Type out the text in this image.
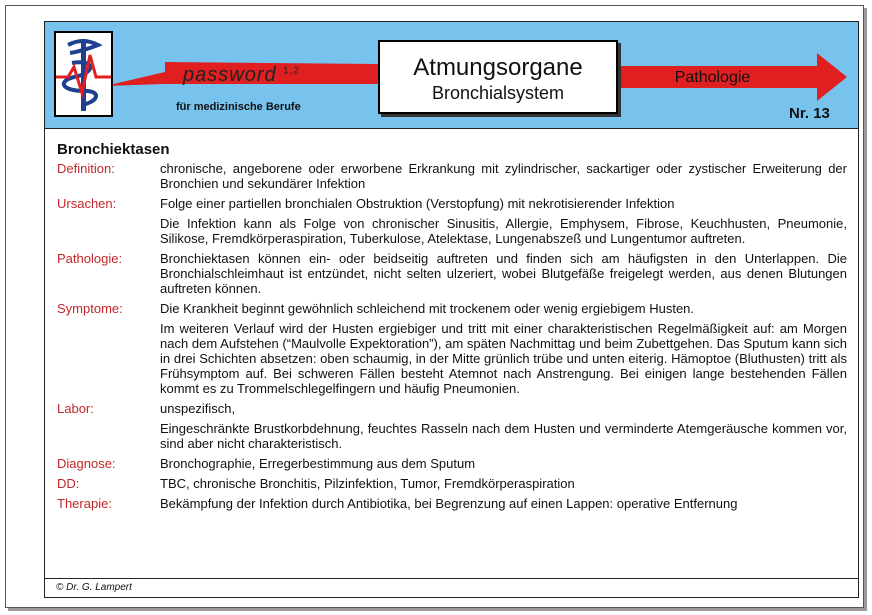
password $^{1,2}$
für medizinische Berufe
Atmungsorgane
Bronchialsystem
Pathologie
Nr. 13
Bronchiektasen
Definition:	chronische, angeborene oder erworbene Erkrankung mit zylindrischer, sackartiger oder zystischer Erweiterung der Bronchien und sekundärer Infektion

Ursachen:	Folge einer partiellen bronchialen Obstruktion (Verstopfung) mit nekrotisierender Infektion

Die Infektion kann als Folge von chronischer Sinusitis, Allergie, Emphysem, Fibrose, Keuchhusten, Pneumonie, Silikose, Fremdkörperaspiration, Tuberkulose, Atelektase, Lungenabszeß und Lungentumor auftreten.

Pathologie:	Bronchiektasen können ein- oder beidseitig auftreten und finden sich am häufigsten in den Unterlappen. Die Bronchialschleimhaut ist entzündet, nicht selten ulzeriert, wobei Blutgefäße freigelegt werden, aus denen Blutungen auftreten können.

Symptome:	Die Krankheit beginnt gewöhnlich schleichend mit trockenem oder wenig ergiebigem Husten.

Im weiteren Verlauf wird der Husten ergiebiger und tritt mit einer charakteristischen Regelmäßigkeit auf: am Morgen nach dem Aufstehen (“Maulvolle Expektoration”), am späten Nachmittag und beim Zubettgehen. Das Sputum kann sich in drei Schichten absetzen: oben schaumig, in der Mitte grünlich trübe und unten eiterig. Hämoptoe (Bluthusten) tritt als Frühsymptom auf. Bei schweren Fällen besteht Atemnot nach Anstrengung. Bei einigen lange bestehenden Fällen kommt es zu Trommelschlegelfingern und häufig Pneumonien.

Labor:	unspezifisch,

Eingeschränkte Brustkorbdehnung, feuchtes Rasseln nach dem Husten und verminderte Atemgeräusche kommen vor, sind aber nicht charakteristisch.

Diagnose:	Bronchographie, Erregerbestimmung aus dem Sputum

DD:	TBC, chronische Bronchitis, Pilzinfektion, Tumor, Fremdkörperaspiration

Therapie:	Bekämpfung der Infektion durch Antibiotika, bei Begrenzung auf einen Lappen: operative Entfernung

© Dr. G. Lampert
